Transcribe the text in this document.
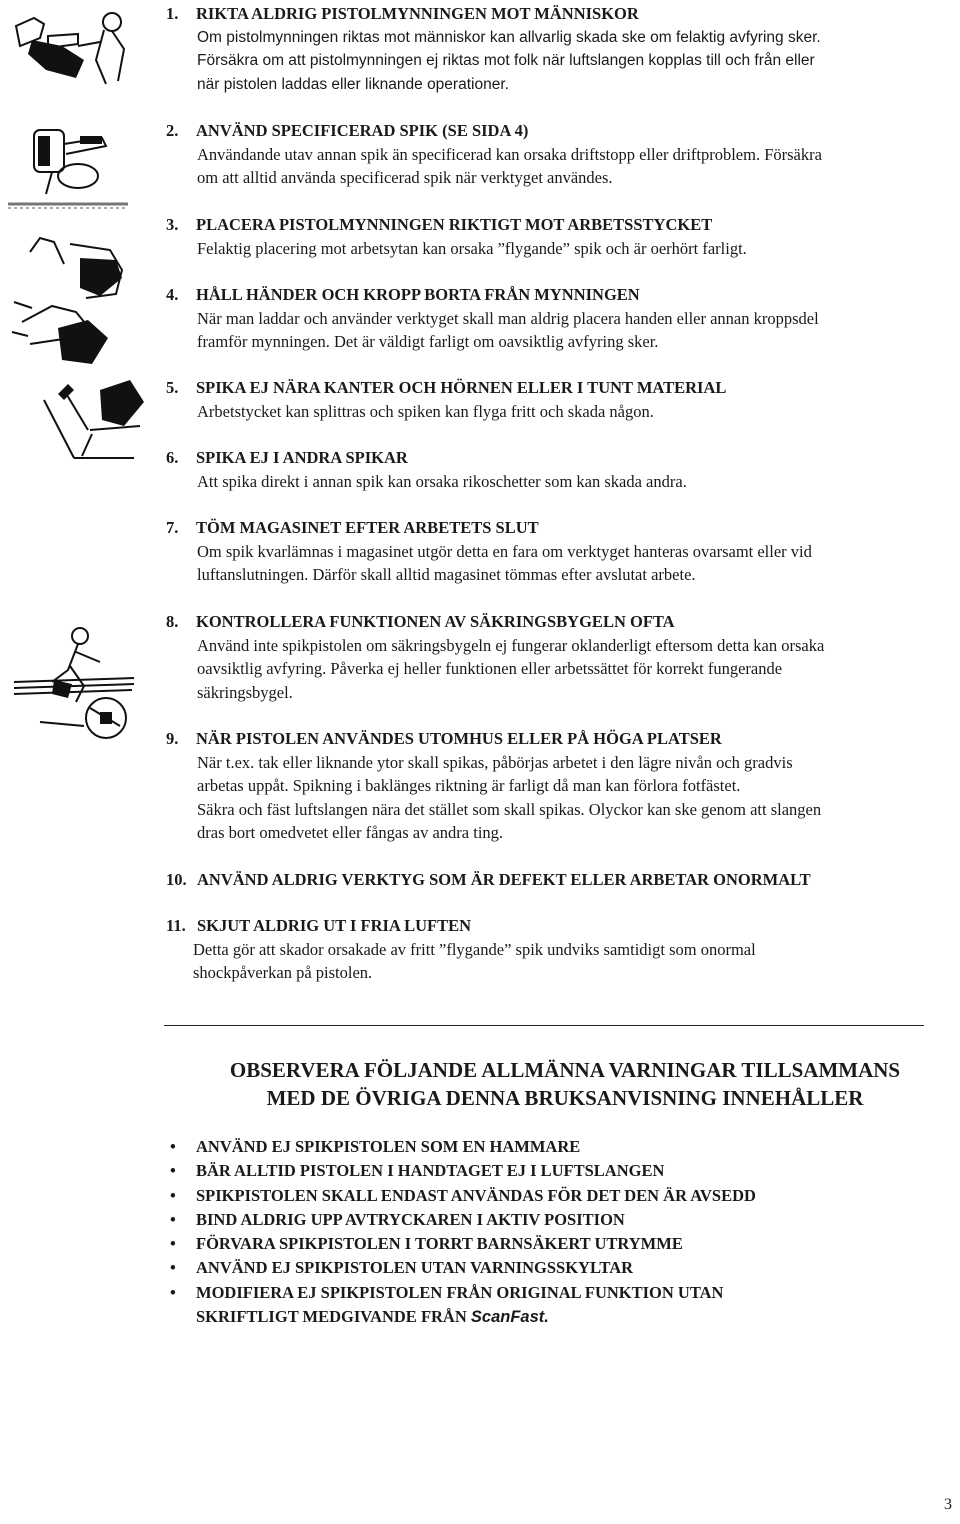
1. RIKTA ALDRIG PISTOLMYNNINGEN MOT MÄNNISKOR
Om pistolmynningen riktas mot människor kan allvarlig skada ske om felaktig avfyring sker.
Försäkra om att pistolmynningen ej riktas mot folk när luftslangen kopplas till och från eller
när pistolen laddas eller liknande operationer.
2. ANVÄND SPECIFICERAD SPIK (SE SIDA 4)
Användande utav annan spik än specificerad kan orsaka driftstopp eller driftproblem. Försäkra
om att alltid använda specificerad spik när verktyget användes.
3. PLACERA PISTOLMYNNINGEN RIKTIGT MOT ARBETSSTYCKET
Felaktig placering mot arbetsytan kan orsaka ”flygande” spik och är oerhört farligt.
4. HÅLL HÄNDER OCH KROPP BORTA FRÅN MYNNINGEN
När man laddar och använder verktyget skall man aldrig placera handen eller annan kroppsdel
framför mynningen. Det är väldigt farligt om oavsiktlig avfyring sker.
5. SPIKA EJ NÄRA KANTER OCH HÖRNEN ELLER I TUNT MATERIAL
Arbetstycket kan splittras och spiken kan flyga fritt och skada någon.
6. SPIKA EJ I ANDRA SPIKAR
Att spika direkt i annan spik kan orsaka rikoschetter som kan skada andra.
7. TÖM MAGASINET EFTER ARBETETS SLUT
Om spik kvarlämnas i magasinet utgör detta en fara om verktyget hanteras ovarsamt eller vid
luftanslutningen. Därför skall alltid magasinet tömmas efter avslutat arbete.
8. KONTROLLERA FUNKTIONEN AV SÄKRINGSBYGELN OFTA
Använd inte spikpistolen om säkringsbygeln ej fungerar oklanderligt eftersom detta kan orsaka
oavsiktlig avfyring. Påverka ej heller funktionen eller arbetssättet för korrekt fungerande
säkringsbygel.
9. NÄR PISTOLEN ANVÄNDES UTOMHUS ELLER PÅ HÖGA PLATSER
När t.ex. tak eller liknande ytor skall spikas, påbörjas arbetet i den lägre nivån och gradvis
arbetas uppåt. Spikning i baklänges riktning är farligt då man kan förlora fotfästet.
Säkra och fäst luftslangen nära det stället som skall spikas. Olyckor kan ske genom att slangen
dras bort omedvetet eller fångas av andra ting.
10. ANVÄND ALDRIG VERKTYG SOM ÄR DEFEKT ELLER ARBETAR ONORMALT
11. SKJUT ALDRIG UT I FRIA LUFTEN
Detta gör att skador orsakade av fritt ”flygande” spik undviks samtidigt som onormal
shockpåverkan på pistolen.
OBSERVERA FÖLJANDE ALLMÄNNA VARNINGAR TILLSAMMANS
MED DE ÖVRIGA DENNA BRUKSANVISNING INNEHÅLLER
• ANVÄND EJ SPIKPISTOLEN SOM EN HAMMARE
• BÄR ALLTID PISTOLEN I HANDTAGET EJ I LUFTSLANGEN
• SPIKPISTOLEN SKALL ENDAST ANVÄNDAS FÖR DET DEN ÄR AVSEDD
• BIND ALDRIG UPP AVTRYCKAREN I AKTIV POSITION
• FÖRVARA SPIKPISTOLEN I TORRT BARNSÄKERT UTRYMME
• ANVÄND EJ SPIKPISTOLEN UTAN VARNINGSSKYLTAR
• MODIFIERA EJ SPIKPISTOLEN FRÅN ORIGINAL FUNKTION UTAN
SKRIFTLIGT MEDGIVANDE FRÅN ScanFast.
3
